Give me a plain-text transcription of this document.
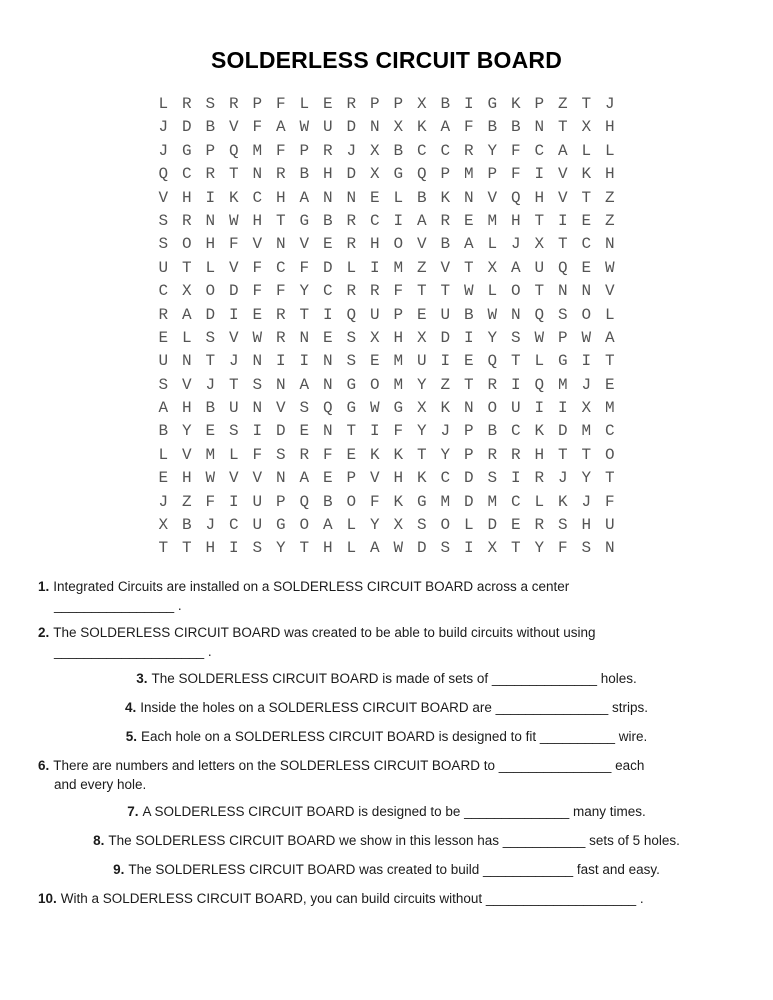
SOLDERLESS CIRCUIT BOARD
L R S R P F L E R P P X B I G K P Z T J
J D B V F A W U D N X K A F B B N T X H
J G P Q M F P R J X B C C R Y F C A L L
Q C R T N R B H D X G Q P M P F I V K H
V H I K C H A N N E L B K N V Q H V T Z
S R N W H T G B R C I A R E M H T I E Z
S O H F V N V E R H O V B A L J X T C N
U T L V F C F D L I M Z V T X A U Q E W
C X O D F F Y C R R F T T W L O T N N V
R A D I E R T I Q U P E U B W N Q S O L
E L S V W R N E S X H X D I Y S W P W A
U N T J N I I N S E M U I E Q T L G I T
S V J T S N A N G O M Y Z T R I Q M J E
A H B U N V S Q G W G X K N O U I I X M
B Y E S I D E N T I F Y J P B C K D M C
L V M L F S R F E K K T Y P R R H T T O
E H W V V N A E P V H K C D S I R J Y T
J Z F I U P Q B O F K G M D M C L K J F
X B J C U G O A L Y X S O L D E R S H U
T T H I S Y T H L A W D S I X T Y F S N
1. Integrated Circuits are installed on a SOLDERLESS CIRCUIT BOARD across a center
________________ .
2. The SOLDERLESS CIRCUIT BOARD was created to be able to build circuits without using
____________________ .
3. The SOLDERLESS CIRCUIT BOARD is made of sets of ______________ holes.
4. Inside the holes on a SOLDERLESS CIRCUIT BOARD are _______________ strips.
5. Each hole on a SOLDERLESS CIRCUIT BOARD is designed to fit __________ wire.
6. There are numbers and letters on the SOLDERLESS CIRCUIT BOARD to _______________ each
and every hole.
7. A SOLDERLESS CIRCUIT BOARD is designed to be ______________ many times.
8. The SOLDERLESS CIRCUIT BOARD we show in this lesson has ___________ sets of 5 holes.
9. The SOLDERLESS CIRCUIT BOARD was created to build ____________ fast and easy.
10. With a SOLDERLESS CIRCUIT BOARD, you can build circuits without ____________________ .
